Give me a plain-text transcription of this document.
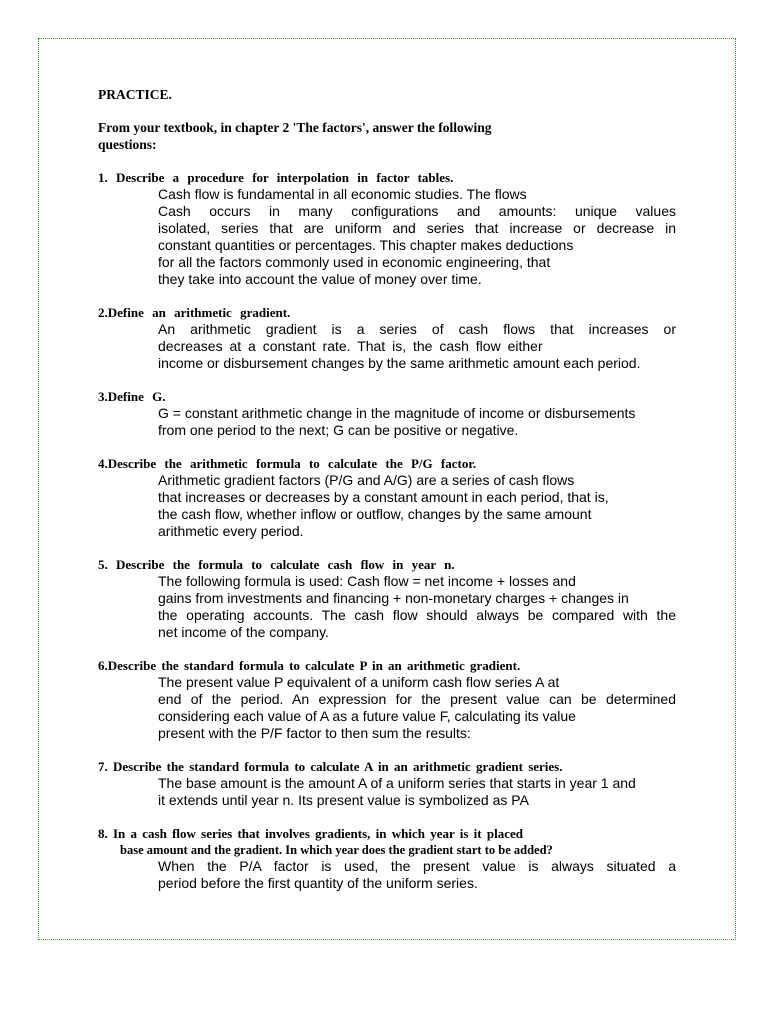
PRACTICE.

From your textbook, in chapter 2 'The factors', answer the following
questions:

1. Describe a procedure for interpolation in factor tables.

Cash flow is fundamental in all economic studies. The flows
Cash occurs in many configurations and amounts: unique values
isolated, series that are uniform and series that increase or decrease in
constant quantities or percentages. This chapter makes deductions
for all the factors commonly used in economic engineering, that
they take into account the value of money over time.

2.Define an arithmetic gradient.

An arithmetic gradient is a series of cash flows that increases or
decreases at a constant rate. That is, the cash flow either
income or disbursement changes by the same arithmetic amount each period.

3.Define G.

G = constant arithmetic change in the magnitude of income or disbursements
from one period to the next; G can be positive or negative.

4.Describe the arithmetic formula to calculate the P/G factor.

Arithmetic gradient factors (P/G and A/G) are a series of cash flows
that increases or decreases by a constant amount in each period, that is,
the cash flow, whether inflow or outflow, changes by the same amount
arithmetic every period.

5. Describe the formula to calculate cash flow in year n.

The following formula is used: Cash flow = net income + losses and
gains from investments and financing + non-monetary charges + changes in
the operating accounts. The cash flow should always be compared with the
net income of the company.

6.Describe the standard formula to calculate P in an arithmetic gradient.

The present value P equivalent of a uniform cash flow series A at
end of the period. An expression for the present value can be determined
considering each value of A as a future value F, calculating its value
present with the P/F factor to then sum the results:

7. Describe the standard formula to calculate A in an arithmetic gradient series.

The base amount is the amount A of a uniform series that starts in year 1 and
it extends until year n. Its present value is symbolized as PA

8. In a cash flow series that involves gradients, in which year is it placed

base amount and the gradient. In which year does the gradient start to be added?

When the P/A factor is used, the present value is always situated a
period before the first quantity of the uniform series.
